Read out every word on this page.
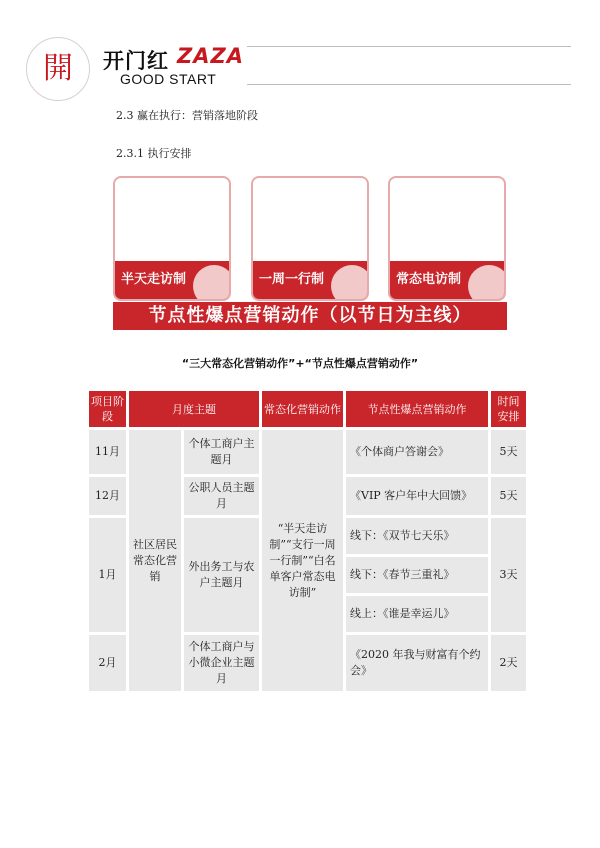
開	开门红 ZAZA
GOOD START
2.3 赢在执行：营销落地阶段
2.3.1 执行安排
半天走访制	一周一行制	常态电访制
节点性爆点营销动作（以节日为主线）
“三大常态化营销动作”+“节点性爆点营销动作”
项目阶段	月度主题		常态化营销动作	节点性爆点营销动作	时间安排
11月	社区居民常态化营销	个体工商户主题月	“半天走访制”“支行一周一行制”“白名单客户常态电访制”	《个体商户答谢会》	5天
12月		公职人员主题月		《VIP 客户年中大回馈》	5天
1月		外出务工与农户主题月		线下：《双节七天乐》	3天
				线下：《春节三重礼》	
				线上：《谁是幸运儿》	
2月		个体工商户与小微企业主题月		《2020 年我与财富有个约会》	2天
